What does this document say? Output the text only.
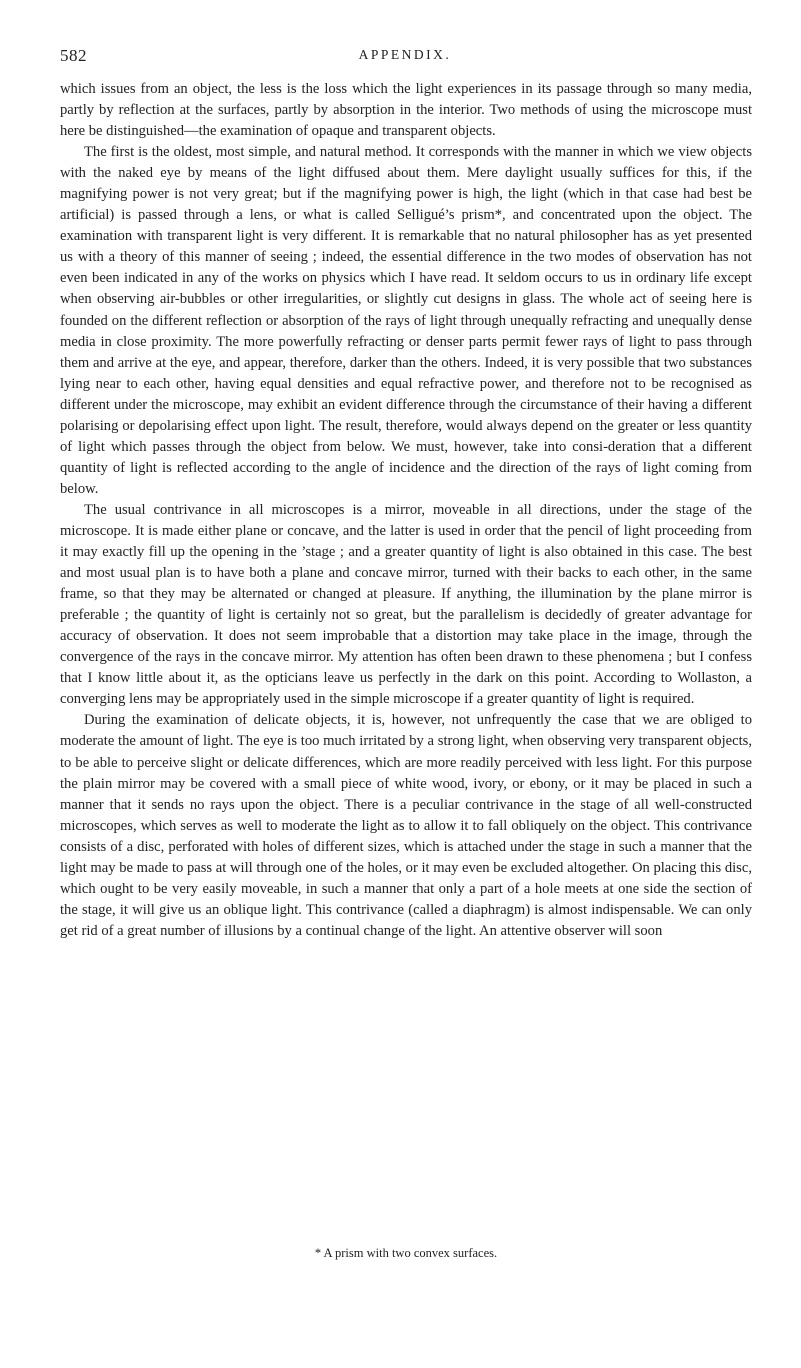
582	APPENDIX.

which issues from an object, the less is the loss which the light experiences in its passage through so many media, partly by reflection at the surfaces, partly by absorption in the interior. Two methods of using the microscope must here be distinguished—the examination of opaque and transparent objects.

The first is the oldest, most simple, and natural method. It corresponds with the manner in which we view objects with the naked eye by means of the light diffused about them. Mere daylight usually suffices for this, if the magnifying power is not very great; but if the magnifying power is high, the light (which in that case had best be artificial) is passed through a lens, or what is called Selligué’s prism*, and concentrated upon the object. The examination with transparent light is very different. It is remarkable that no natural philosopher has as yet presented us with a theory of this manner of seeing ; indeed, the essential difference in the two modes of observation has not even been indicated in any of the works on physics which I have read. It seldom occurs to us in ordinary life except when observing air-bubbles or other irregularities, or slightly cut designs in glass. The whole act of seeing here is founded on the different reflection or absorption of the rays of light through unequally refracting and unequally dense media in close proximity. The more powerfully refracting or denser parts permit fewer rays of light to pass through them and arrive at the eye, and appear, therefore, darker than the others. Indeed, it is very possible that two substances lying near to each other, having equal densities and equal refractive power, and therefore not to be recognised as different under the microscope, may exhibit an evident difference through the circumstance of their having a different polarising or depolarising effect upon light. The result, therefore, would always depend on the greater or less quantity of light which passes through the object from below. We must, however, take into consi-deration that a different quantity of light is reflected according to the angle of incidence and the direction of the rays of light coming from below.

The usual contrivance in all microscopes is a mirror, moveable in all directions, under the stage of the microscope. It is made either plane or concave, and the latter is used in order that the pencil of light proceeding from it may exactly fill up the opening in the ’stage ; and a greater quantity of light is also obtained in this case. The best and most usual plan is to have both a plane and concave mirror, turned with their backs to each other, in the same frame, so that they may be alternated or changed at pleasure. If anything, the illumination by the plane mirror is preferable ; the quantity of light is certainly not so great, but the parallelism is decidedly of greater advantage for accuracy of observation. It does not seem improbable that a distortion may take place in the image, through the convergence of the rays in the concave mirror. My attention has often been drawn to these phenomena ; but I confess that I know little about it, as the opticians leave us perfectly in the dark on this point. According to Wollaston, a converging lens may be appropriately used in the simple microscope if a greater quantity of light is required.

During the examination of delicate objects, it is, however, not unfrequently the case that we are obliged to moderate the amount of light. The eye is too much irritated by a strong light, when observing very transparent objects, to be able to perceive slight or delicate differences, which are more readily perceived with less light. For this purpose the plain mirror may be covered with a small piece of white wood, ivory, or ebony, or it may be placed in such a manner that it sends no rays upon the object. There is a peculiar contrivance in the stage of all well-constructed microscopes, which serves as well to moderate the light as to allow it to fall obliquely on the object. This contrivance consists of a disc, perforated with holes of different sizes, which is attached under the stage in such a manner that the light may be made to pass at will through one of the holes, or it may even be excluded altogether. On placing this disc, which ought to be very easily moveable, in such a manner that only a part of a hole meets at one side the section of the stage, it will give us an oblique light. This contrivance (called a diaphragm) is almost indispensable. We can only get rid of a great number of illusions by a continual change of the light. An attentive observer will soon

* A prism with two convex surfaces.
